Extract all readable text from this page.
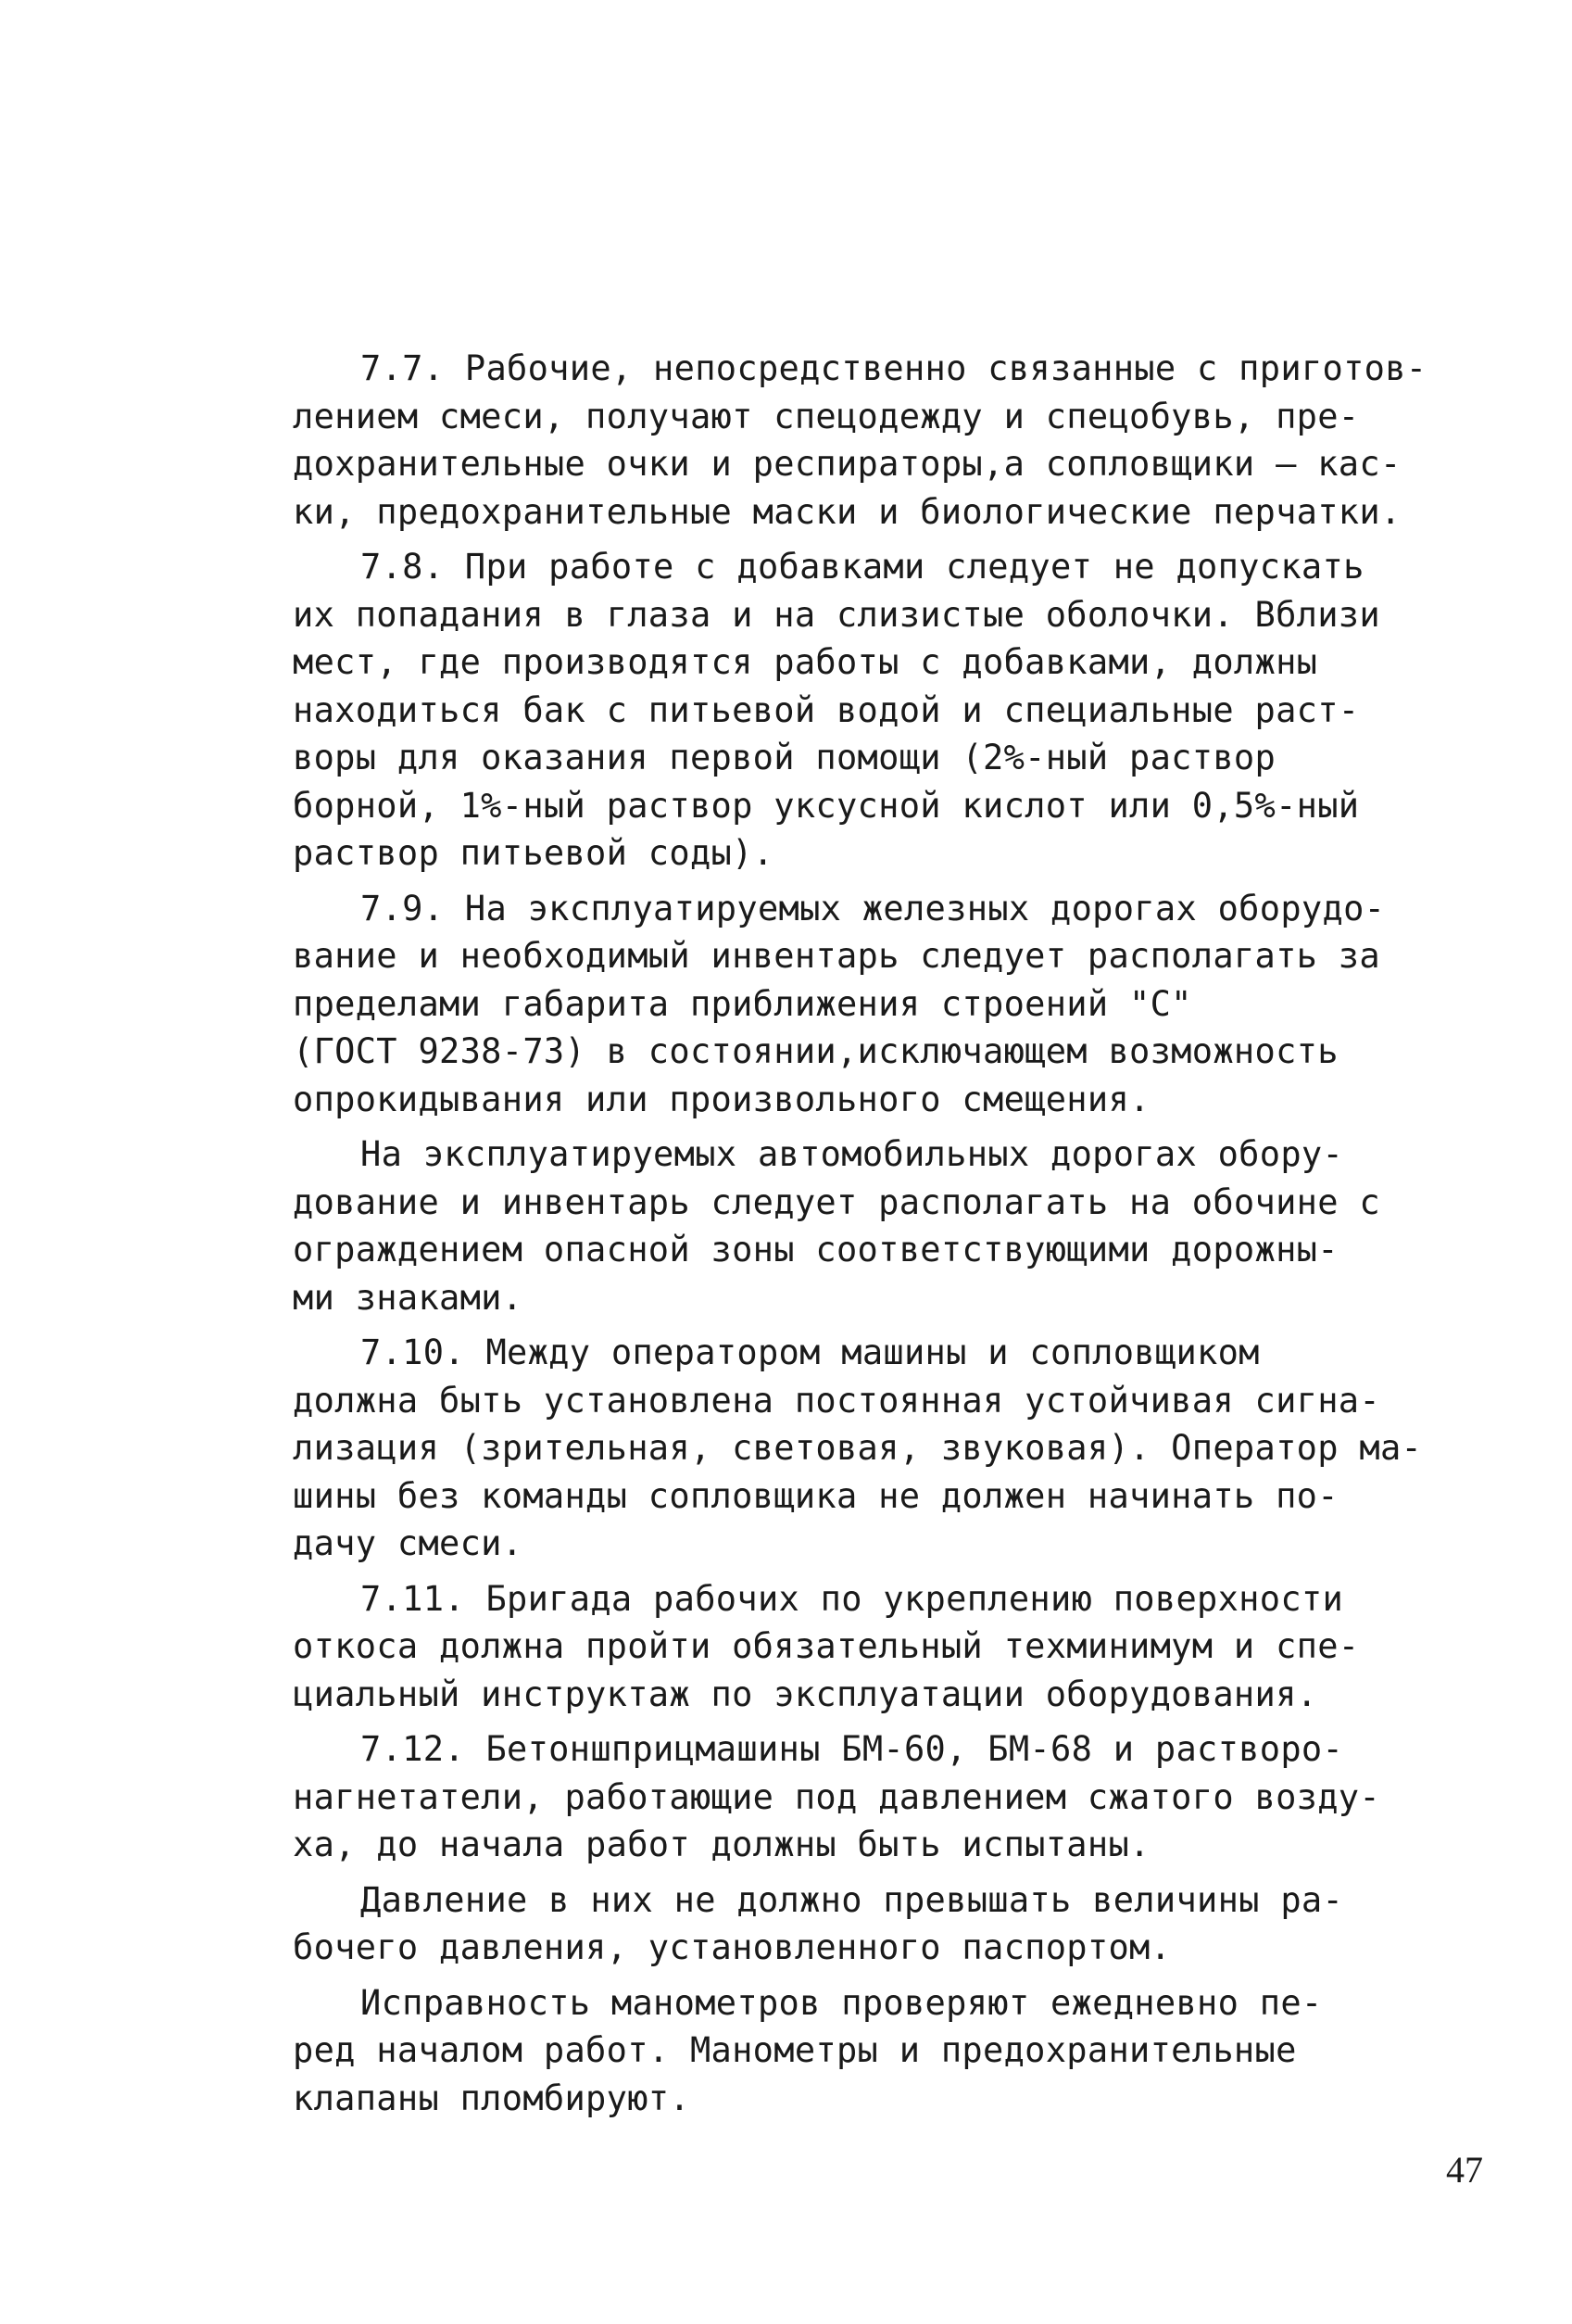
7.7. Рабочие, непосредственно связанные с приготов-
лением смеси, получают спецодежду и спецобувь, пре-
дохранительные очки и респираторы,а сопловщики – кас-
ки, предохранительные маски и биологические перчатки.
7.8. При работе с добавками следует не допускать
их попадания в глаза и на слизистые оболочки. Вблизи
мест, где производятся работы с добавками, должны
находиться бак с питьевой водой и специальные раст-
воры для оказания первой помощи (2%-ный раствор
борной, 1%-ный раствор уксусной кислот или 0,5%-ный
раствор питьевой соды).
7.9. На эксплуатируемых железных дорогах оборудо-
вание и необходимый инвентарь следует располагать за
пределами габарита приближения строений "С"
(ГОСТ 9238-73) в состоянии,исключающем возможность
опрокидывания или произвольного смещения.
На эксплуатируемых автомобильных дорогах обору-
дование и инвентарь следует располагать на обочине с
ограждением опасной зоны соответствующими дорожны-
ми знаками.
7.10. Между оператором машины и сопловщиком
должна быть установлена постоянная устойчивая сигна-
лизация (зрительная, световая, звуковая). Оператор ма-
шины без команды сопловщика не должен начинать по-
дачу смеси.
7.11. Бригада рабочих по укреплению поверхности
откоса должна пройти обязательный техминимум и спе-
циальный инструктаж по эксплуатации оборудования.
7.12. Бетоншприцмашины БМ-60, БМ-68 и растворо-
нагнетатели, работающие под давлением сжатого возду-
ха, до начала работ должны быть испытаны.
Давление в них не должно превышать величины ра-
бочего давления, установленного паспортом.
Исправность манометров проверяют ежедневно пе-
ред началом работ. Манометры и предохранительные
клапаны пломбируют.
47
